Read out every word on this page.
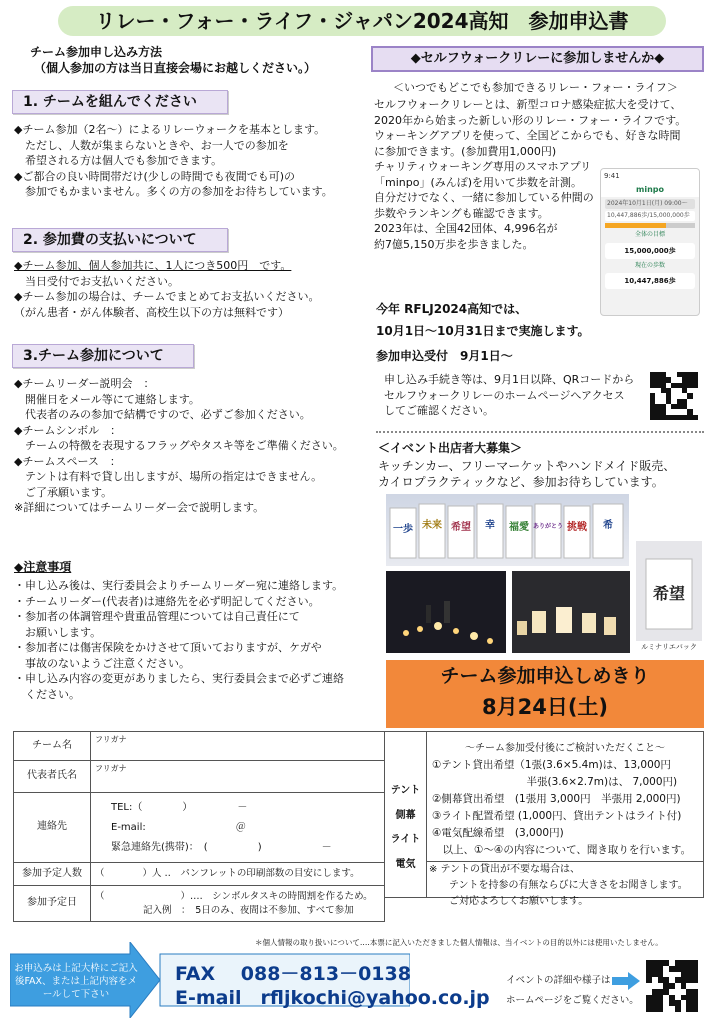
リレー・フォー・ライフ・ジャパン2024高知　参加申込書
チーム参加申し込み方法
（個人参加の方は当日直接会場にお越しください。）
1. チームを組んでください
◆チーム参加（2名～）によるリレーウォークを基本とします。
　ただし、人数が集まらないときや、お一人での参加を
　希望される方は個人でも参加できます。
◆ご都合の良い時間帯だけ(少しの時間でも夜間でも可)の
　参加でもかまいません。多くの方の参加をお待ちしています。
2. 参加費の支払いについて
◆チーム参加、個人参加共に、1人につき500円　です。
　当日受付でお支払いください。
◆チーム参加の場合は、チームでまとめてお支払いください。
（がん患者・がん体験者、高校生以下の方は無料です）
3.チーム参加について
◆チームリーダー説明会　：
　開催日をメール等にて連絡します。
　代表者のみの参加で結構ですので、必ずご参加ください。
◆チームシンボル　：
　チームの特徴を表現するフラッグやタスキ等をご準備ください。
◆チームスペース　：
　テントは有料で貸し出しますが、場所の指定はできません。
　ご了承願います。
※詳細についてはチームリーダー会で説明します。
◆注意事項
・申し込み後は、実行委員会よりチームリーダー宛に連絡します。
・チームリーダー(代表者)は連絡先を必ず明記してください。
・参加者の体調管理や貴重品管理については自己責任にて
　お願いします。
・参加者には傷害保険をかけさせて頂いておりますが、ケガや
　事故のないようご注意ください。
・申し込み内容の変更がありましたら、実行委員会まで必ずご連絡
　ください。
◆セルフウォークリレーに参加しませんか◆
＜いつでもどこでも参加できるリレー・フォー・ライフ＞
セルフウォークリレーとは、新型コロナ感染症拡大を受けて、
2020年から始まった新しい形のリレー・フォー・ライフです。
ウォーキングアプリを使って、全国どこからでも、好きな時間
に参加できます。(参加費用1,000円)
チャリティウォーキング専用のスマホアプリ
「minpo」(みんぽ)を用いて歩数を計測。
自分だけでなく、一緒に参加している仲間の
歩数やランキングも確認できます。
2023年は、全国42団体、4,996名が
約7億5,150万歩を歩きました。
9:41
minpo
2024年10月1日(月) 09:00〜
10,447,886歩/15,000,000歩
全体の目標
15,000,000歩
現在の歩数
10,447,886歩
今年 RFLJ2024高知では、
10月1日～10月31日まで実施します。
参加申込受付　9月1日～
申し込み手続き等は、9月1日以降、QRコードから
セルフウォークリレーのホームページへアクセス
してご確認ください。
＜イベント出店者大募集＞
キッチンカー、フリーマーケットやハンドメイド販売、
カイロプラクティックなど、参加お待ちしています。
一歩 未来 希望 幸 福愛 ありがとう 挑戦 希
希望
ルミナリエバック
チーム参加申込しめきり
8月24日(土)
チーム名	フリガナ
代表者氏名	フリガナ
連絡先	TEL:（　　　　）　　　　　－
E-mail:　　　　　　　　　＠
緊急連絡先(携帯)：　(　　　　　)　　　　　　－

参加予定人数	（　　　　）人 ‥　パンフレットの印刷部数の目安にします。
参加予定日	（　　　　　　　　）‥‥　シンボルタスキの時間割を作るため。
記入例　：　5日のみ、夜間は不参加、すべて参加
テント
側幕
ライト
電気
～チーム参加受付後にご検討いただくこと～
①テント貸出希望（1張(3.6×5.4m)は、13,000円
　　　　　　　　　半張(3.6×2.7m)は、 7,000円)
②側幕貸出希望　(1張用 3,000円　半張用 2,000円)
③ライト配置希望 (1,000円、貸出テントはライト付)
④電気配線希望　(3,000円)
　以上、①～④の内容について、聞き取りを行います。
※ テントの貸出が不要な場合は、
　　テントを持参の有無ならびに大きさをお聞きします。
　　ご対応よろしくお願いします。
＊個人情報の取り扱いについて‥‥本票に記入いただきました個人情報は、当イベントの目的以外には使用いたしません。
お申込みは上記大枠にご記入後FAX、または上記内容をメールして下さい
FAX　 088－813－0138
E-mail　rfljkochi@yahoo.co.jp
イベントの詳細や様子は
ホームページをご覧ください。
